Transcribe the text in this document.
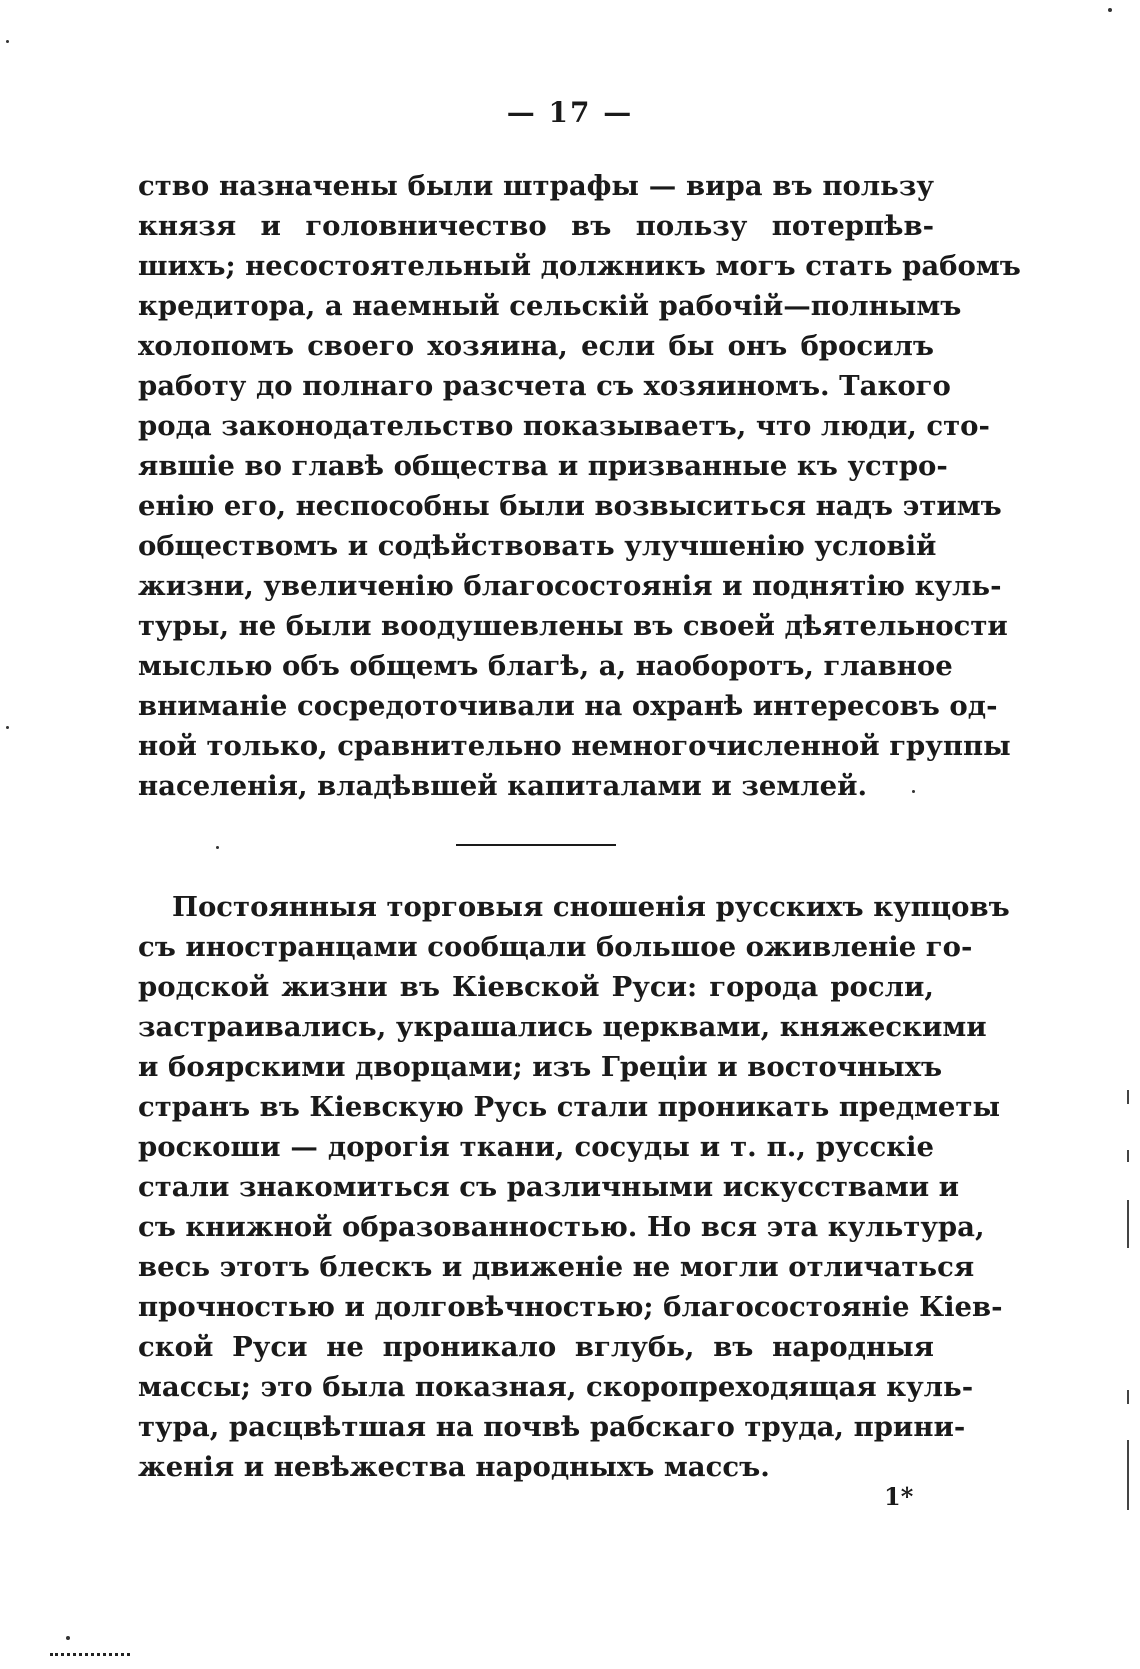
— 17 —
ство назначены были штрафы — вира въ пользу
князя и головничество въ пользу потерпѣв-
шихъ; несостоятельный должникъ могъ стать рабомъ
кредитора, а наемный сельскій рабочій—полнымъ
холопомъ своего хозяина, если бы онъ бросилъ
работу до полнаго разсчета съ хозяиномъ. Такого
рода законодательство показываетъ, что люди, сто-
явшіе во главѣ общества и призванные къ устро-
енію его, неспособны были возвыситься надъ этимъ
обществомъ и содѣйствовать улучшенію условій
жизни, увеличенію благосостоянія и поднятію куль-
туры, не были воодушевлены въ своей дѣятельности
мыслью объ общемъ благѣ, а, наоборотъ, главное
вниманіе сосредоточивали на охранѣ интересовъ од-
ной только, сравнительно немногочисленной группы
населенія, владѣвшей капиталами и землей.
Постоянныя торговыя сношенія русскихъ купцовъ
съ иностранцами сообщали большое оживленіе го-
родской жизни въ Кіевской Руси: города росли,
застраивались, украшались церквами, княжескими
и боярскими дворцами; изъ Греціи и восточныхъ
странъ въ Кіевскую Русь стали проникать предметы
роскоши — дорогія ткани, сосуды и т. п., русскіе
стали знакомиться съ различными искусствами и
съ книжной образованностью. Но вся эта культура,
весь этотъ блескъ и движеніе не могли отличаться
прочностью и долговѣчностью; благосостояніе Кіев-
ской Руси не проникало вглубь, въ народныя
массы; это была показная, скоропреходящая куль-
тура, расцвѣтшая на почвѣ рабскаго труда, прини-
женія и невѣжества народныхъ массъ.
1*
